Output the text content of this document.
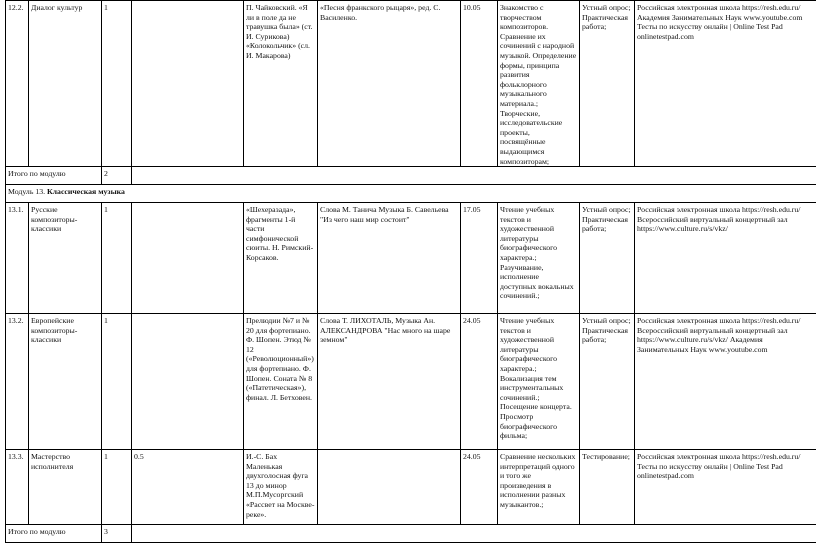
12.2.	Диалог культур	1		П. Чайковский. «Я ли в поле да не травушка была» (ст. И. Сурикова) «Колокольчик» (сл. И. Макарова)	«Песня франкского рыцаря», ред. С. Василенко.	10.05	Знакомство с творчеством композиторов. Сравнение их сочинений с народной музыкой. Определение формы, принципа развития фольклорного музыкального материала.; Творческие, исследовательские проекты, посвящённые выдающимся композиторам;	Устный опрос; Практическая работа;	Российская электронная школа https://resh.edu.ru/ Академия Занимательных Наук www.youtube.com Тесты по искусству онлайн | Online Test Pad onlinetestpad.com
Итого по модулю		2							
Модуль 13. Классическая музыка									
13.1.	Русские композиторы-классики	1		«Шехеразада», фрагменты 1-й части симфонической сюиты. Н. Римский-Корсаков.	Слова М. Танича Музыка Б. Савельева "Из чего наш мир состоит"	17.05	Чтение учебных текстов и художественной литературы биографического характера.; Разучивание, исполнение доступных вокальных сочинений.;	Устный опрос; Практическая работа;	Российская электронная школа https://resh.edu.ru/ Всероссийский виртуальный концертный зал https://www.culture.ru/s/vkz/
13.2.	Европейские композиторы-классики	1		Прелюдии №7 и № 20 для фортепиано. Ф. Шопен. Этюд № 12 («Революционный») для фортепиано. Ф. Шопен. Соната № 8 («Патетическая»), финал. Л. Бетховен.	Слова Т. ЛИХОТАЛЬ, Музыка Ан. АЛЕКСАНДРОВА "Нас много на шаре земном"	24.05	Чтение учебных текстов и художественной литературы биографического характера.; Вокализация тем инструментальных сочинений.; Посещение концерта. Просмотр биографического фильма;	Устный опрос; Практическая работа;	Российская электронная школа https://resh.edu.ru/ Всероссийский виртуальный концертный зал https://www.culture.ru/s/vkz/ Академия Занимательных Наук www.youtube.com
13.3.	Мастерство исполнителя	1	0.5	И.-С. Бах Маленькая двухголосная фуга 13 до минор М.П.Мусоргский «Рассвет на Москве-реке».		24.05	Сравнение нескольких интерпретаций одного и того же произведения в исполнении разных музыкантов.;	Тестирование;	Российская электронная школа https://resh.edu.ru/ Тесты по искусству онлайн | Online Test Pad onlinetestpad.com
Итого по модулю		3							
